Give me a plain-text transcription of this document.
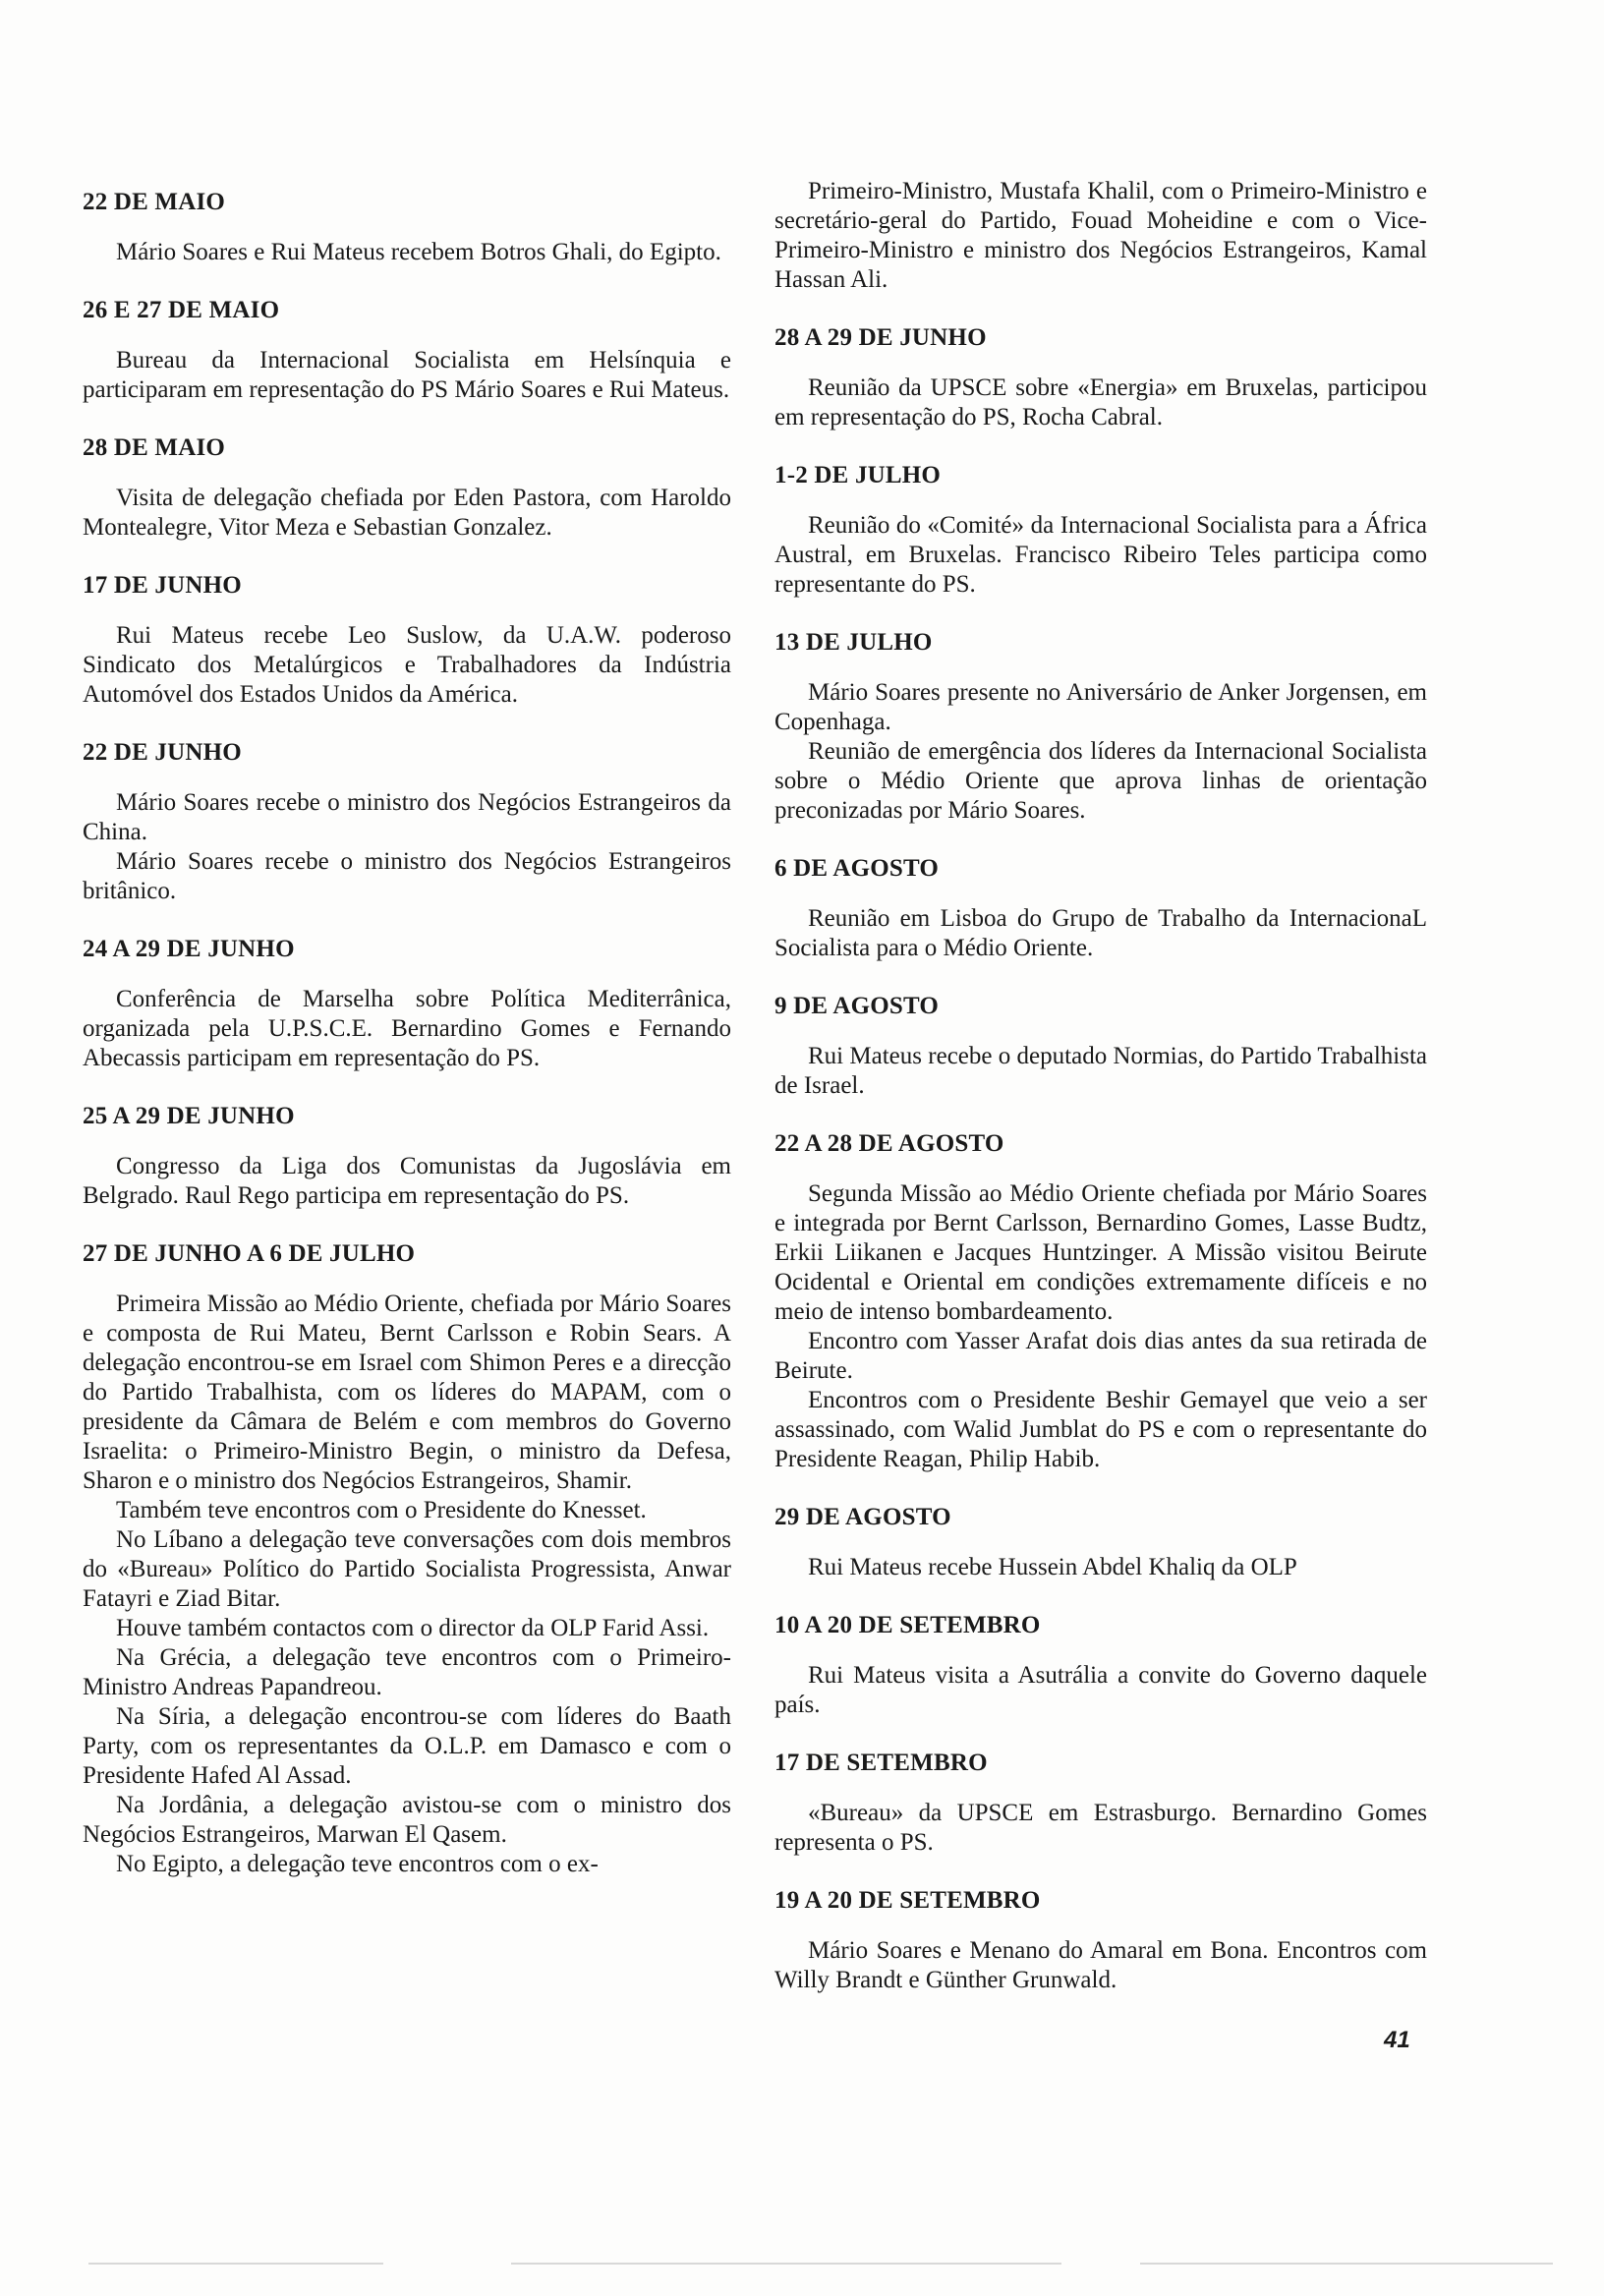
22 DE MAIO

Mário Soares e Rui Mateus recebem Botros Ghali, do Egipto.

26 E 27 DE MAIO

Bureau da Internacional Socialista em Helsínquia e participaram em representação do PS Mário Soares e Rui Mateus.

28 DE MAIO

Visita de delegação chefiada por Eden Pastora, com Haroldo Montealegre, Vitor Meza e Sebastian Gonzalez.

17 DE JUNHO

Rui Mateus recebe Leo Suslow, da U.A.W. poderoso Sindicato dos Metalúrgicos e Trabalhadores da Indústria Automóvel dos Estados Unidos da América.

22 DE JUNHO

Mário Soares recebe o ministro dos Negócios Estrangeiros da China.

Mário Soares recebe o ministro dos Negócios Estrangeiros britânico.

24 A 29 DE JUNHO

Conferência de Marselha sobre Política Mediterrânica, organizada pela U.P.S.C.E. Bernardino Gomes e Fernando Abecassis participam em representação do PS.

25 A 29 DE JUNHO

Congresso da Liga dos Comunistas da Jugoslávia em Belgrado. Raul Rego participa em representação do PS.

27 DE JUNHO A 6 DE JULHO

Primeira Missão ao Médio Oriente, chefiada por Mário Soares e composta de Rui Mateu, Bernt Carlsson e Robin Sears. A delegação encontrou-se em Israel com Shimon Peres e a direcção do Partido Trabalhista, com os líderes do MAPAM, com o presidente da Câmara de Belém e com membros do Governo Israelita: o Primeiro-Ministro Begin, o ministro da Defesa, Sharon e o ministro dos Negócios Estrangeiros, Shamir.

Também teve encontros com o Presidente do Knesset.

No Líbano a delegação teve conversações com dois membros do «Bureau» Político do Partido Socialista Progressista, Anwar Fatayri e Ziad Bitar.

Houve também contactos com o director da OLP Farid Assi.

Na Grécia, a delegação teve encontros com o Primeiro-Ministro Andreas Papandreou.

Na Síria, a delegação encontrou-se com líderes do Baath Party, com os representantes da O.L.P. em Damasco e com o Presidente Hafed Al Assad.

Na Jordânia, a delegação avistou-se com o ministro dos Negócios Estrangeiros, Marwan El Qasem.

No Egipto, a delegação teve encontros com o ex-

Primeiro-Ministro, Mustafa Khalil, com o Primeiro-Ministro e secretário-geral do Partido, Fouad Moheidine e com o Vice-Primeiro-Ministro e ministro dos Negócios Estrangeiros, Kamal Hassan Ali.

28 A 29 DE JUNHO

Reunião da UPSCE sobre «Energia» em Bruxelas, participou em representação do PS, Rocha Cabral.

1-2 DE JULHO

Reunião do «Comité» da Internacional Socialista para a África Austral, em Bruxelas. Francisco Ribeiro Teles participa como representante do PS.

13 DE JULHO

Mário Soares presente no Aniversário de Anker Jorgensen, em Copenhaga.

Reunião de emergência dos líderes da Internacional Socialista sobre o Médio Oriente que aprova linhas de orientação preconizadas por Mário Soares.

6 DE AGOSTO

Reunião em Lisboa do Grupo de Trabalho da InternacionaL Socialista para o Médio Oriente.

9 DE AGOSTO

Rui Mateus recebe o deputado Normias, do Partido Trabalhista de Israel.

22 A 28 DE AGOSTO

Segunda Missão ao Médio Oriente chefiada por Mário Soares e integrada por Bernt Carlsson, Bernardino Gomes, Lasse Budtz, Erkii Liikanen e Jacques Huntzinger. A Missão visitou Beirute Ocidental e Oriental em condições extremamente difíceis e no meio de intenso bombardeamento.

Encontro com Yasser Arafat dois dias antes da sua retirada de Beirute.

Encontros com o Presidente Beshir Gemayel que veio a ser assassinado, com Walid Jumblat do PS e com o representante do Presidente Reagan, Philip Habib.

29 DE AGOSTO

Rui Mateus recebe Hussein Abdel Khaliq da OLP

10 A 20 DE SETEMBRO

Rui Mateus visita a Asutrália a convite do Governo daquele país.

17 DE SETEMBRO

«Bureau» da UPSCE em Estrasburgo. Bernardino Gomes representa o PS.

19 A 20 DE SETEMBRO

Mário Soares e Menano do Amaral em Bona. Encontros com Willy Brandt e Günther Grunwald.

41
